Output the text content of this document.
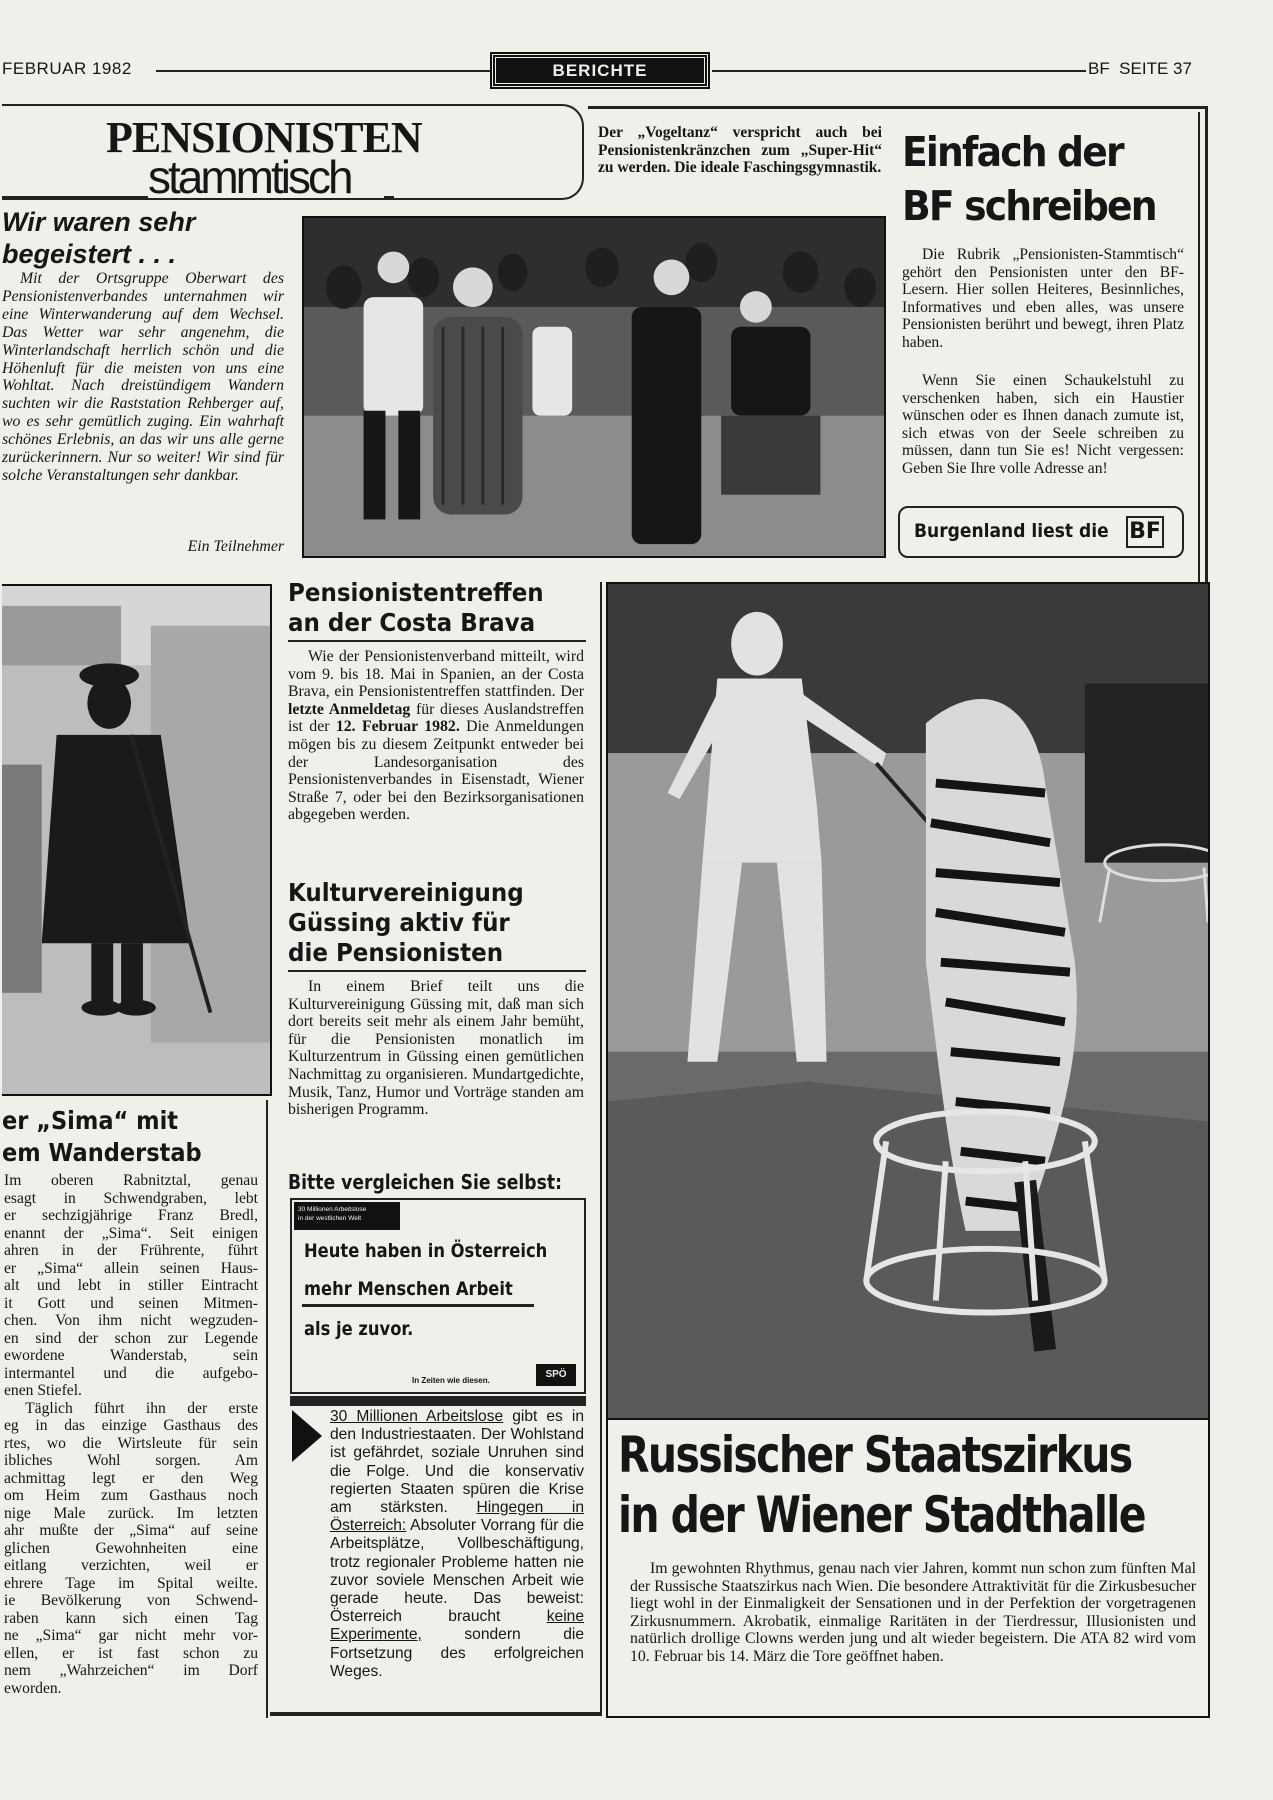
FEBRUAR 1982	BERICHTE	BF  SEITE 37
PENSIONISTEN
stammtisch
Der „Vogeltanz“ verspricht auch bei Pensionistenkränzchen zum „Super-Hit“ zu werden. Die ideale Faschingsgymnastik.
Wir waren sehr begeistert . . .
Mit der Ortsgruppe Oberwart des Pensionistenverbandes unternahmen wir eine Winterwanderung auf dem Wechsel. Das Wetter war sehr angenehm, die Winterlandschaft herrlich schön und die Höhenluft für die meisten von uns eine Wohltat. Nach dreistündigem Wandern suchten wir die Raststation Rehberger auf, wo es sehr gemütlich zuging. Ein wahrhaft schönes Erlebnis, an das wir uns alle gerne zurückerinnern. Nur so weiter! Wir sind für solche Veranstaltungen sehr dankbar.
Ein Teilnehmer
Einfach der
BF schreiben
Die Rubrik „Pensionisten-Stammtisch“ gehört den Pensionisten unter den BF-Lesern. Hier sollen Heiteres, Besinnliches, Informatives und eben alles, was unsere Pensionisten berührt und bewegt, ihren Platz haben.
Wenn Sie einen Schaukelstuhl zu verschenken haben, sich ein Haustier wünschen oder es Ihnen danach zumute ist, sich etwas von der Seele schreiben zu müssen, dann tun Sie es! Nicht vergessen: Geben Sie Ihre volle Adresse an!
Burgenland liest die BF
er „Sima“ mit
em Wanderstab
Im oberen Rabnitztal, genau
esagt in Schwendgraben, lebt
er sechzigjährige Franz Bredl,
enannt der „Sima“. Seit einigen
ahren in der Frührente, führt
er „Sima“ allein seinen Haus-
alt und lebt in stiller Eintracht
it Gott und seinen Mitmen-
chen. Von ihm nicht wegzuden-
en sind der schon zur Legende
ewordene Wanderstab, sein
intermantel und die aufgebo-
enen Stiefel.
Täglich führt ihn der erste
eg in das einzige Gasthaus des
rtes, wo die Wirtsleute für sein
ibliches Wohl sorgen. Am
achmittag legt er den Weg
om Heim zum Gasthaus noch
nige Male zurück. Im letzten
ahr mußte der „Sima“ auf seine
glichen Gewohnheiten eine
eitlang verzichten, weil er
ehrere Tage im Spital weilte.
ie Bevölkerung von Schwend-
raben kann sich einen Tag
ne „Sima“ gar nicht mehr vor-
ellen, er ist fast schon zu
nem „Wahrzeichen“ im Dorf
eworden.
Pensionistentreffen
an der Costa Brava
Wie der Pensionistenverband mitteilt, wird vom 9. bis 18. Mai in Spanien, an der Costa Brava, ein Pensionistentreffen stattfinden. Der letzte Anmeldetag für dieses Auslandstreffen ist der 12. Februar 1982. Die Anmeldungen mögen bis zu diesem Zeitpunkt entweder bei der Landesorganisation des Pensionistenverbandes in Eisenstadt, Wiener Straße 7, oder bei den Bezirksorganisationen abgegeben werden.
Kulturvereinigung
Güssing aktiv für
die Pensionisten
In einem Brief teilt uns die Kulturvereinigung Güssing mit, daß man sich dort bereits seit mehr als einem Jahr bemüht, für die Pensionisten monatlich im Kulturzentrum in Güssing einen gemütlichen Nachmittag zu organisieren. Mundartgedichte, Musik, Tanz, Humor und Vorträge standen am bisherigen Programm.
Bitte vergleichen Sie selbst:
30 Millionen Arbeitslose
in der westlichen Welt
Heute haben in Österreich
mehr Menschen Arbeit
als je zuvor.
In Zeiten wie diesen.
SPÖ
30 Millionen Arbeitslose gibt es in den Industriestaaten. Der Wohlstand ist gefährdet, soziale Unruhen sind die Folge. Und die konservativ regierten Staaten spüren die Krise am stärksten. Hingegen in Österreich: Absoluter Vorrang für die Arbeitsplätze, Vollbeschäftigung, trotz regionaler Probleme hatten nie zuvor soviele Menschen Arbeit wie gerade heute. Das beweist: Österreich braucht keine Experimente, sondern die Fortsetzung des erfolgreichen Weges.
Russischer Staatszirkus
in der Wiener Stadthalle
Im gewohnten Rhythmus, genau nach vier Jahren, kommt nun schon zum fünften Mal der Russische Staatszirkus nach Wien. Die besondere Attraktivität für die Zirkusbesucher liegt wohl in der Einmaligkeit der Sensationen und in der Perfektion der vorgetragenen Zirkusnummern. Akrobatik, einmalige Raritäten in der Tierdressur, Illusionisten und natürlich drollige Clowns werden jung und alt wieder begeistern. Die ATA 82 wird vom 10. Februar bis 14. März die Tore geöffnet haben.
